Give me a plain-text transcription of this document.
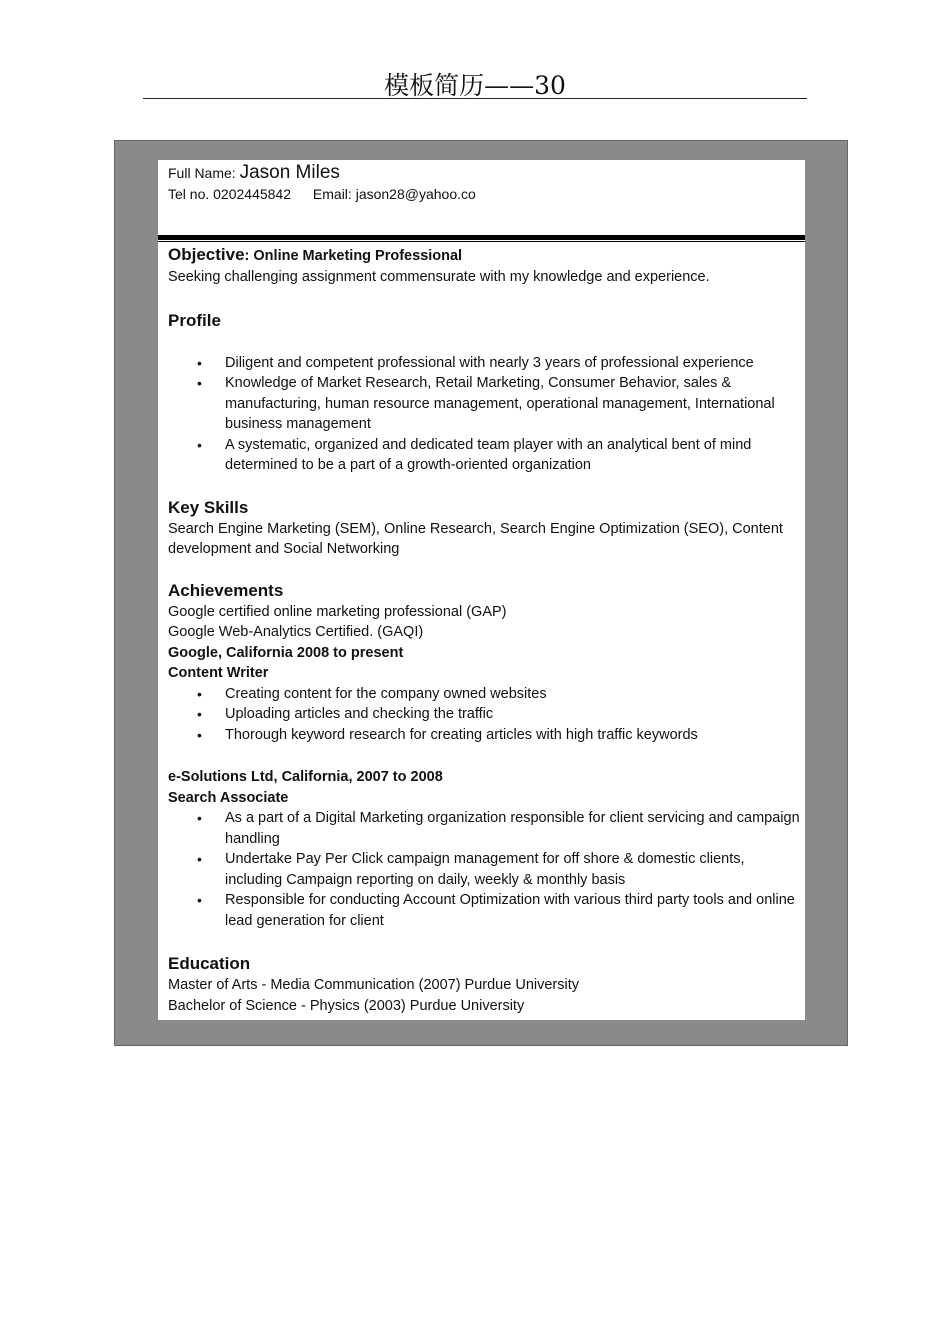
模板简历——30
Full Name: Jason Miles
Tel no. 0202445842 Email: jason28@yahoo.co

Objective: Online Marketing Professional

Seeking challenging assignment commensurate with my knowledge and experience.

Profile

• Diligent and competent professional with nearly 3 years of professional experience
• Knowledge of Market Research, Retail Marketing, Consumer Behavior, sales & manufacturing, human resource management, operational management, International business management
• A systematic, organized and dedicated team player with an analytical bent of mind determined to be a part of a growth-oriented organization

Key Skills

Search Engine Marketing (SEM), Online Research, Search Engine Optimization (SEO), Content development and Social Networking

Achievements

Google certified online marketing professional (GAP)

Google Web-Analytics Certified. (GAQI)

Google, California 2008 to present

Content Writer

• Creating content for the company owned websites
• Uploading articles and checking the traffic
• Thorough keyword research for creating articles with high traffic keywords

e-Solutions Ltd, California, 2007 to 2008

Search Associate

• As a part of a Digital Marketing organization responsible for client servicing and campaign handling
• Undertake Pay Per Click campaign management for off shore & domestic clients, including Campaign reporting on daily, weekly & monthly basis
• Responsible for conducting Account Optimization with various third party tools and online lead generation for client

Education

Master of Arts - Media Communication (2007) Purdue University

Bachelor of Science - Physics (2003) Purdue University
